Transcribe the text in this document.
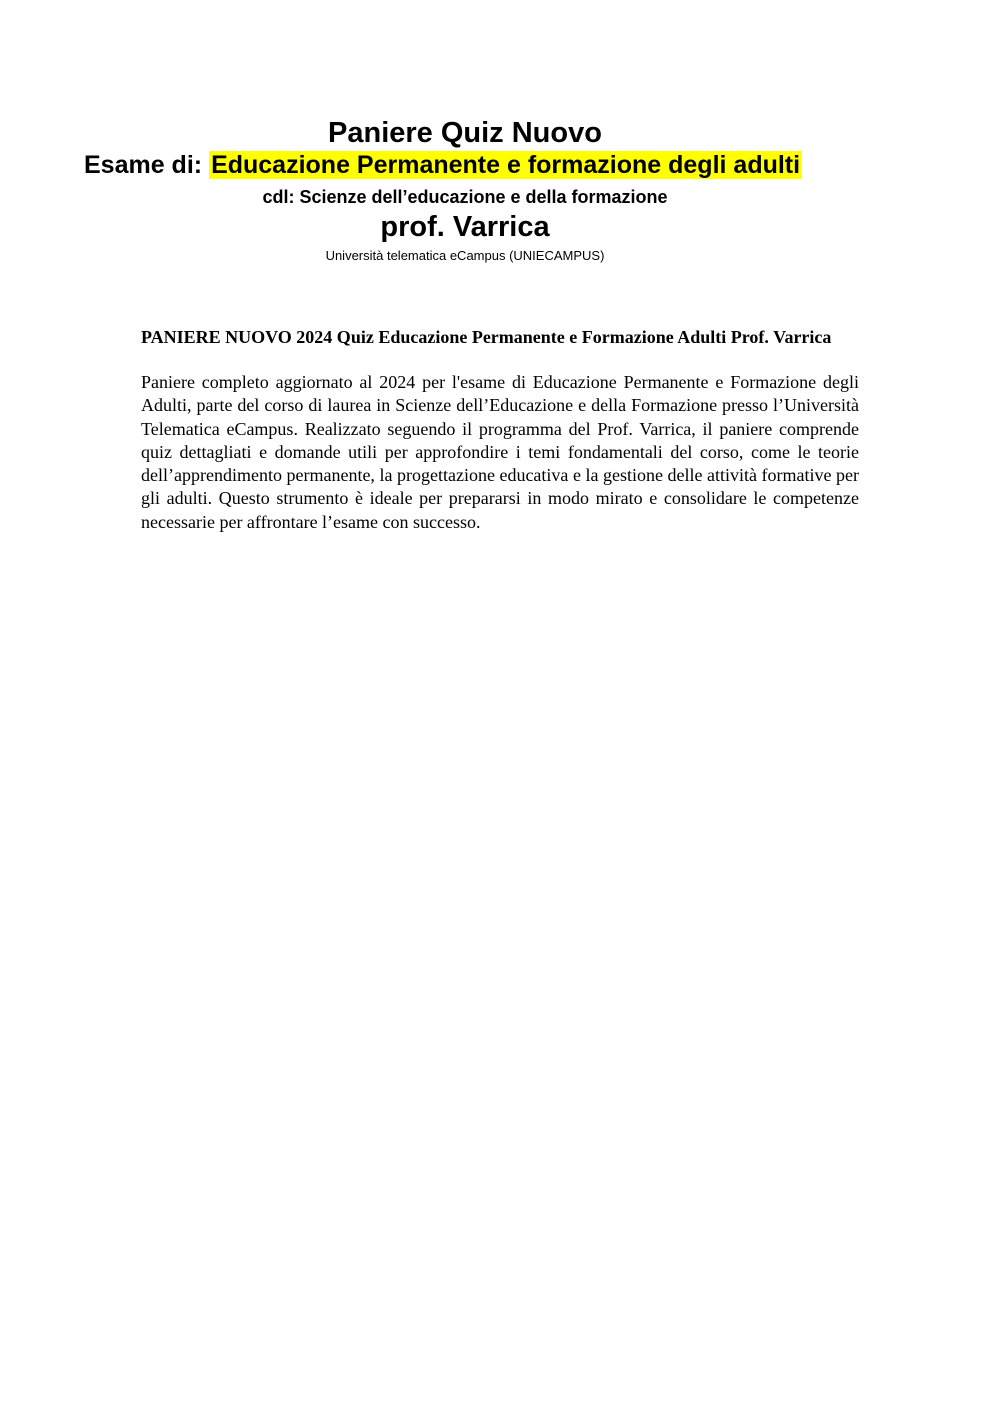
Paniere Quiz Nuovo
Esame di: Educazione Permanente e formazione degli adulti
cdl: Scienze dell’educazione e della formazione
prof. Varrica
Università telematica eCampus (UNIECAMPUS)

PANIERE NUOVO 2024 Quiz Educazione Permanente e Formazione Adulti Prof. Varrica

Paniere completo aggiornato al 2024 per l'esame di Educazione Permanente e Formazione degli Adulti, parte del corso di laurea in Scienze dell’Educazione e della Formazione presso l’Università Telematica eCampus. Realizzato seguendo il programma del Prof. Varrica, il paniere comprende quiz dettagliati e domande utili per approfondire i temi fondamentali del corso, come le teorie dell’apprendimento permanente, la progettazione educativa e la gestione delle attività formative per gli adulti. Questo strumento è ideale per prepararsi in modo mirato e consolidare le competenze necessarie per affrontare l’esame con successo.
